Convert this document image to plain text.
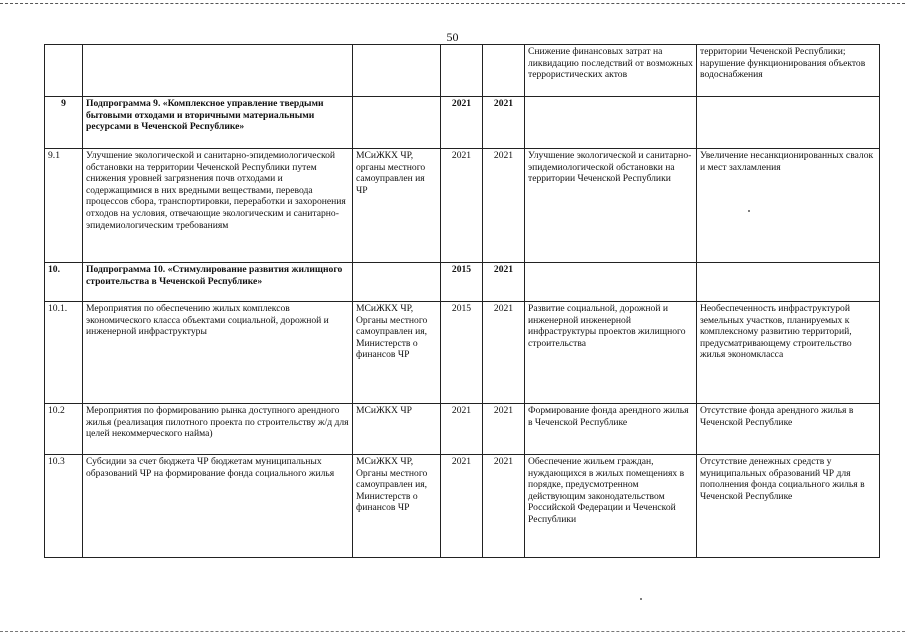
50
					Снижение финансовых затрат на ликвидацию последствий от возможных террористических актов	территории Чеченской Республики; нарушение функционирования объектов водоснабжения
9	Подпрограмма 9. «Комплексное управление твердыми бытовыми отходами и вторичными материальными ресурсами в Чеченской Республике»		2021	2021		
9.1	Улучшение экологической и санитарно-эпидемиологической обстановки на территории Чеченской Республики путем снижения уровней загрязнения почв отходами и содержащимися в них вредными веществами, перевода процессов сбора, транспортировки, переработки и захоронения отходов на условия, отвечающие экологическим и санитарно-эпидемиологическим требованиям	МСиЖКХ ЧР, органы местного самоуправлен ия ЧР	2021	2021	Улучшение экологической и санитарно-эпидемиологической обстановки на территории Чеченской Республики	Увеличение несанкционированных свалок и мест захламления
10.	Подпрограмма 10. «Стимулирование развития жилищного строительства в Чеченской Республике»		2015	2021		
10.1.	Мероприятия по обеспечению жилых комплексов экономического класса объектами социальной, дорожной и инженерной инфраструктуры	МСиЖКХ ЧР, Органы местного самоуправлен ия, Министерств о финансов ЧР	2015	2021	Развитие социальной, дорожной и инженерной инженерной инфраструктуры проектов жилищного строительства	Необеспеченность инфраструктурой земельных участков, планируемых к комплексному развитию территорий, предусматривающему строительство жилья экономкласса
10.2	Мероприятия по формированию рынка доступного арендного жилья (реализация пилотного проекта по строительству ж/д для целей некоммерческого найма)	МСиЖКХ ЧР	2021	2021	Формирование фонда арендного жилья в Чеченской Республике	Отсутствие фонда арендного жилья в Чеченской Республике
10.3	Субсидии за счет бюджета ЧР бюджетам муниципальных образований ЧР на формирование фонда социального жилья	МСиЖКХ ЧР, Органы местного самоуправлен ия, Министерств о финансов ЧР	2021	2021	Обеспечение жильем граждан, нуждающихся в жилых помещениях в порядке, предусмотренном действующим законодательством Российской Федерации и Чеченской Республики	Отсутствие денежных средств у муниципальных образований ЧР для пополнения фонда социального жилья в Чеченской Республике
